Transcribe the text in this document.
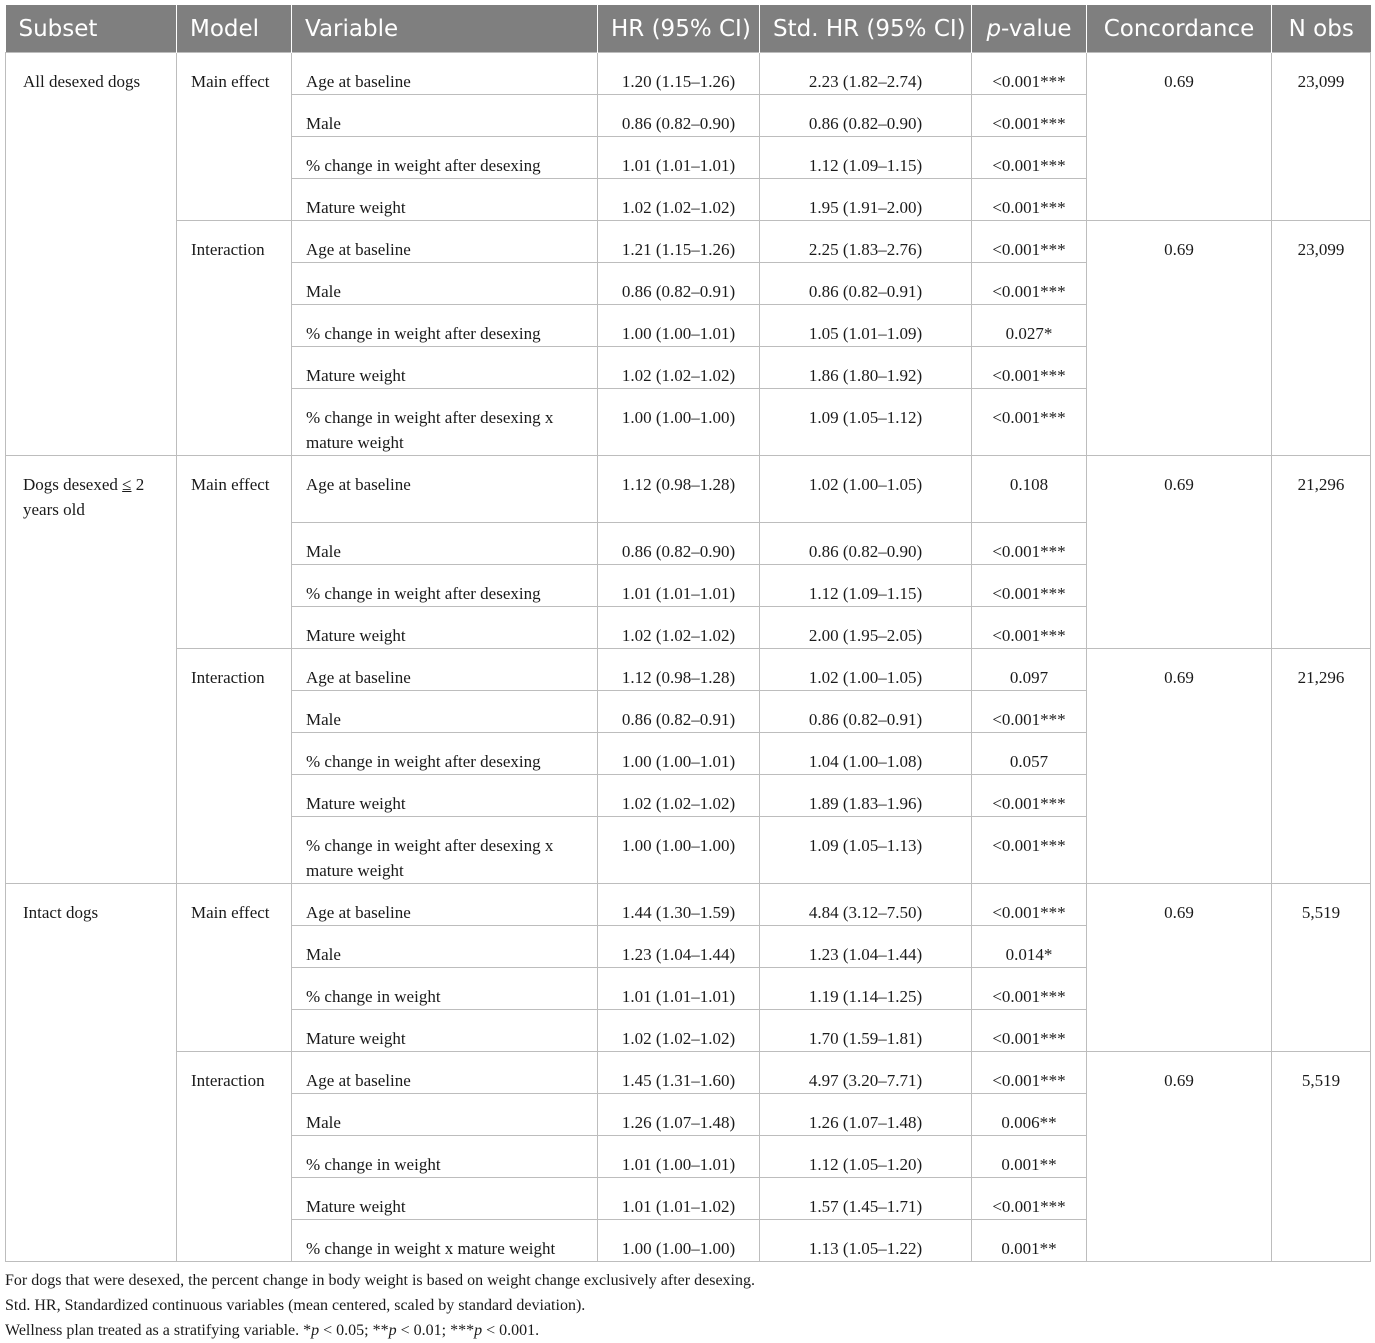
Subset	Model	Variable	HR (95% CI)	Std. HR (95% CI)	p-value	Concordance	N obs
All desexed dogs	Main effect	Age at baseline	1.20 (1.15–1.26)	2.23 (1.82–2.74)	<0.001***	0.69	23,099
		Male	0.86 (0.82–0.90)	0.86 (0.82–0.90)	<0.001***		
		% change in weight after desexing	1.01 (1.01–1.01)	1.12 (1.09–1.15)	<0.001***		
		Mature weight	1.02 (1.02–1.02)	1.95 (1.91–2.00)	<0.001***		
	Interaction	Age at baseline	1.21 (1.15–1.26)	2.25 (1.83–2.76)	<0.001***	0.69	23,099
		Male	0.86 (0.82–0.91)	0.86 (0.82–0.91)	<0.001***		
		% change in weight after desexing	1.00 (1.00–1.01)	1.05 (1.01–1.09)	0.027*		
		Mature weight	1.02 (1.02–1.02)	1.86 (1.80–1.92)	<0.001***		
		% change in weight after desexing x mature weight	1.00 (1.00–1.00)	1.09 (1.05–1.12)	<0.001***		
Dogs desexed ≤ 2 years old	Main effect	Age at baseline	1.12 (0.98–1.28)	1.02 (1.00–1.05)	0.108	0.69	21,296
		Male	0.86 (0.82–0.90)	0.86 (0.82–0.90)	<0.001***		
		% change in weight after desexing	1.01 (1.01–1.01)	1.12 (1.09–1.15)	<0.001***		
		Mature weight	1.02 (1.02–1.02)	2.00 (1.95–2.05)	<0.001***		
	Interaction	Age at baseline	1.12 (0.98–1.28)	1.02 (1.00–1.05)	0.097	0.69	21,296
		Male	0.86 (0.82–0.91)	0.86 (0.82–0.91)	<0.001***		
		% change in weight after desexing	1.00 (1.00–1.01)	1.04 (1.00–1.08)	0.057		
		Mature weight	1.02 (1.02–1.02)	1.89 (1.83–1.96)	<0.001***		
		% change in weight after desexing x mature weight	1.00 (1.00–1.00)	1.09 (1.05–1.13)	<0.001***		
Intact dogs	Main effect	Age at baseline	1.44 (1.30–1.59)	4.84 (3.12–7.50)	<0.001***	0.69	5,519
		Male	1.23 (1.04–1.44)	1.23 (1.04–1.44)	0.014*		
		% change in weight	1.01 (1.01–1.01)	1.19 (1.14–1.25)	<0.001***		
		Mature weight	1.02 (1.02–1.02)	1.70 (1.59–1.81)	<0.001***		
	Interaction	Age at baseline	1.45 (1.31–1.60)	4.97 (3.20–7.71)	<0.001***	0.69	5,519
		Male	1.26 (1.07–1.48)	1.26 (1.07–1.48)	0.006**		
		% change in weight	1.01 (1.00–1.01)	1.12 (1.05–1.20)	0.001**		
		Mature weight	1.01 (1.01–1.02)	1.57 (1.45–1.71)	<0.001***		
		% change in weight x mature weight	1.00 (1.00–1.00)	1.13 (1.05–1.22)	0.001**		

For dogs that were desexed, the percent change in body weight is based on weight change exclusively after desexing.

Std. HR, Standardized continuous variables (mean centered, scaled by standard deviation).

Wellness plan treated as a stratifying variable. *p < 0.05; **p < 0.01; ***p < 0.001.
